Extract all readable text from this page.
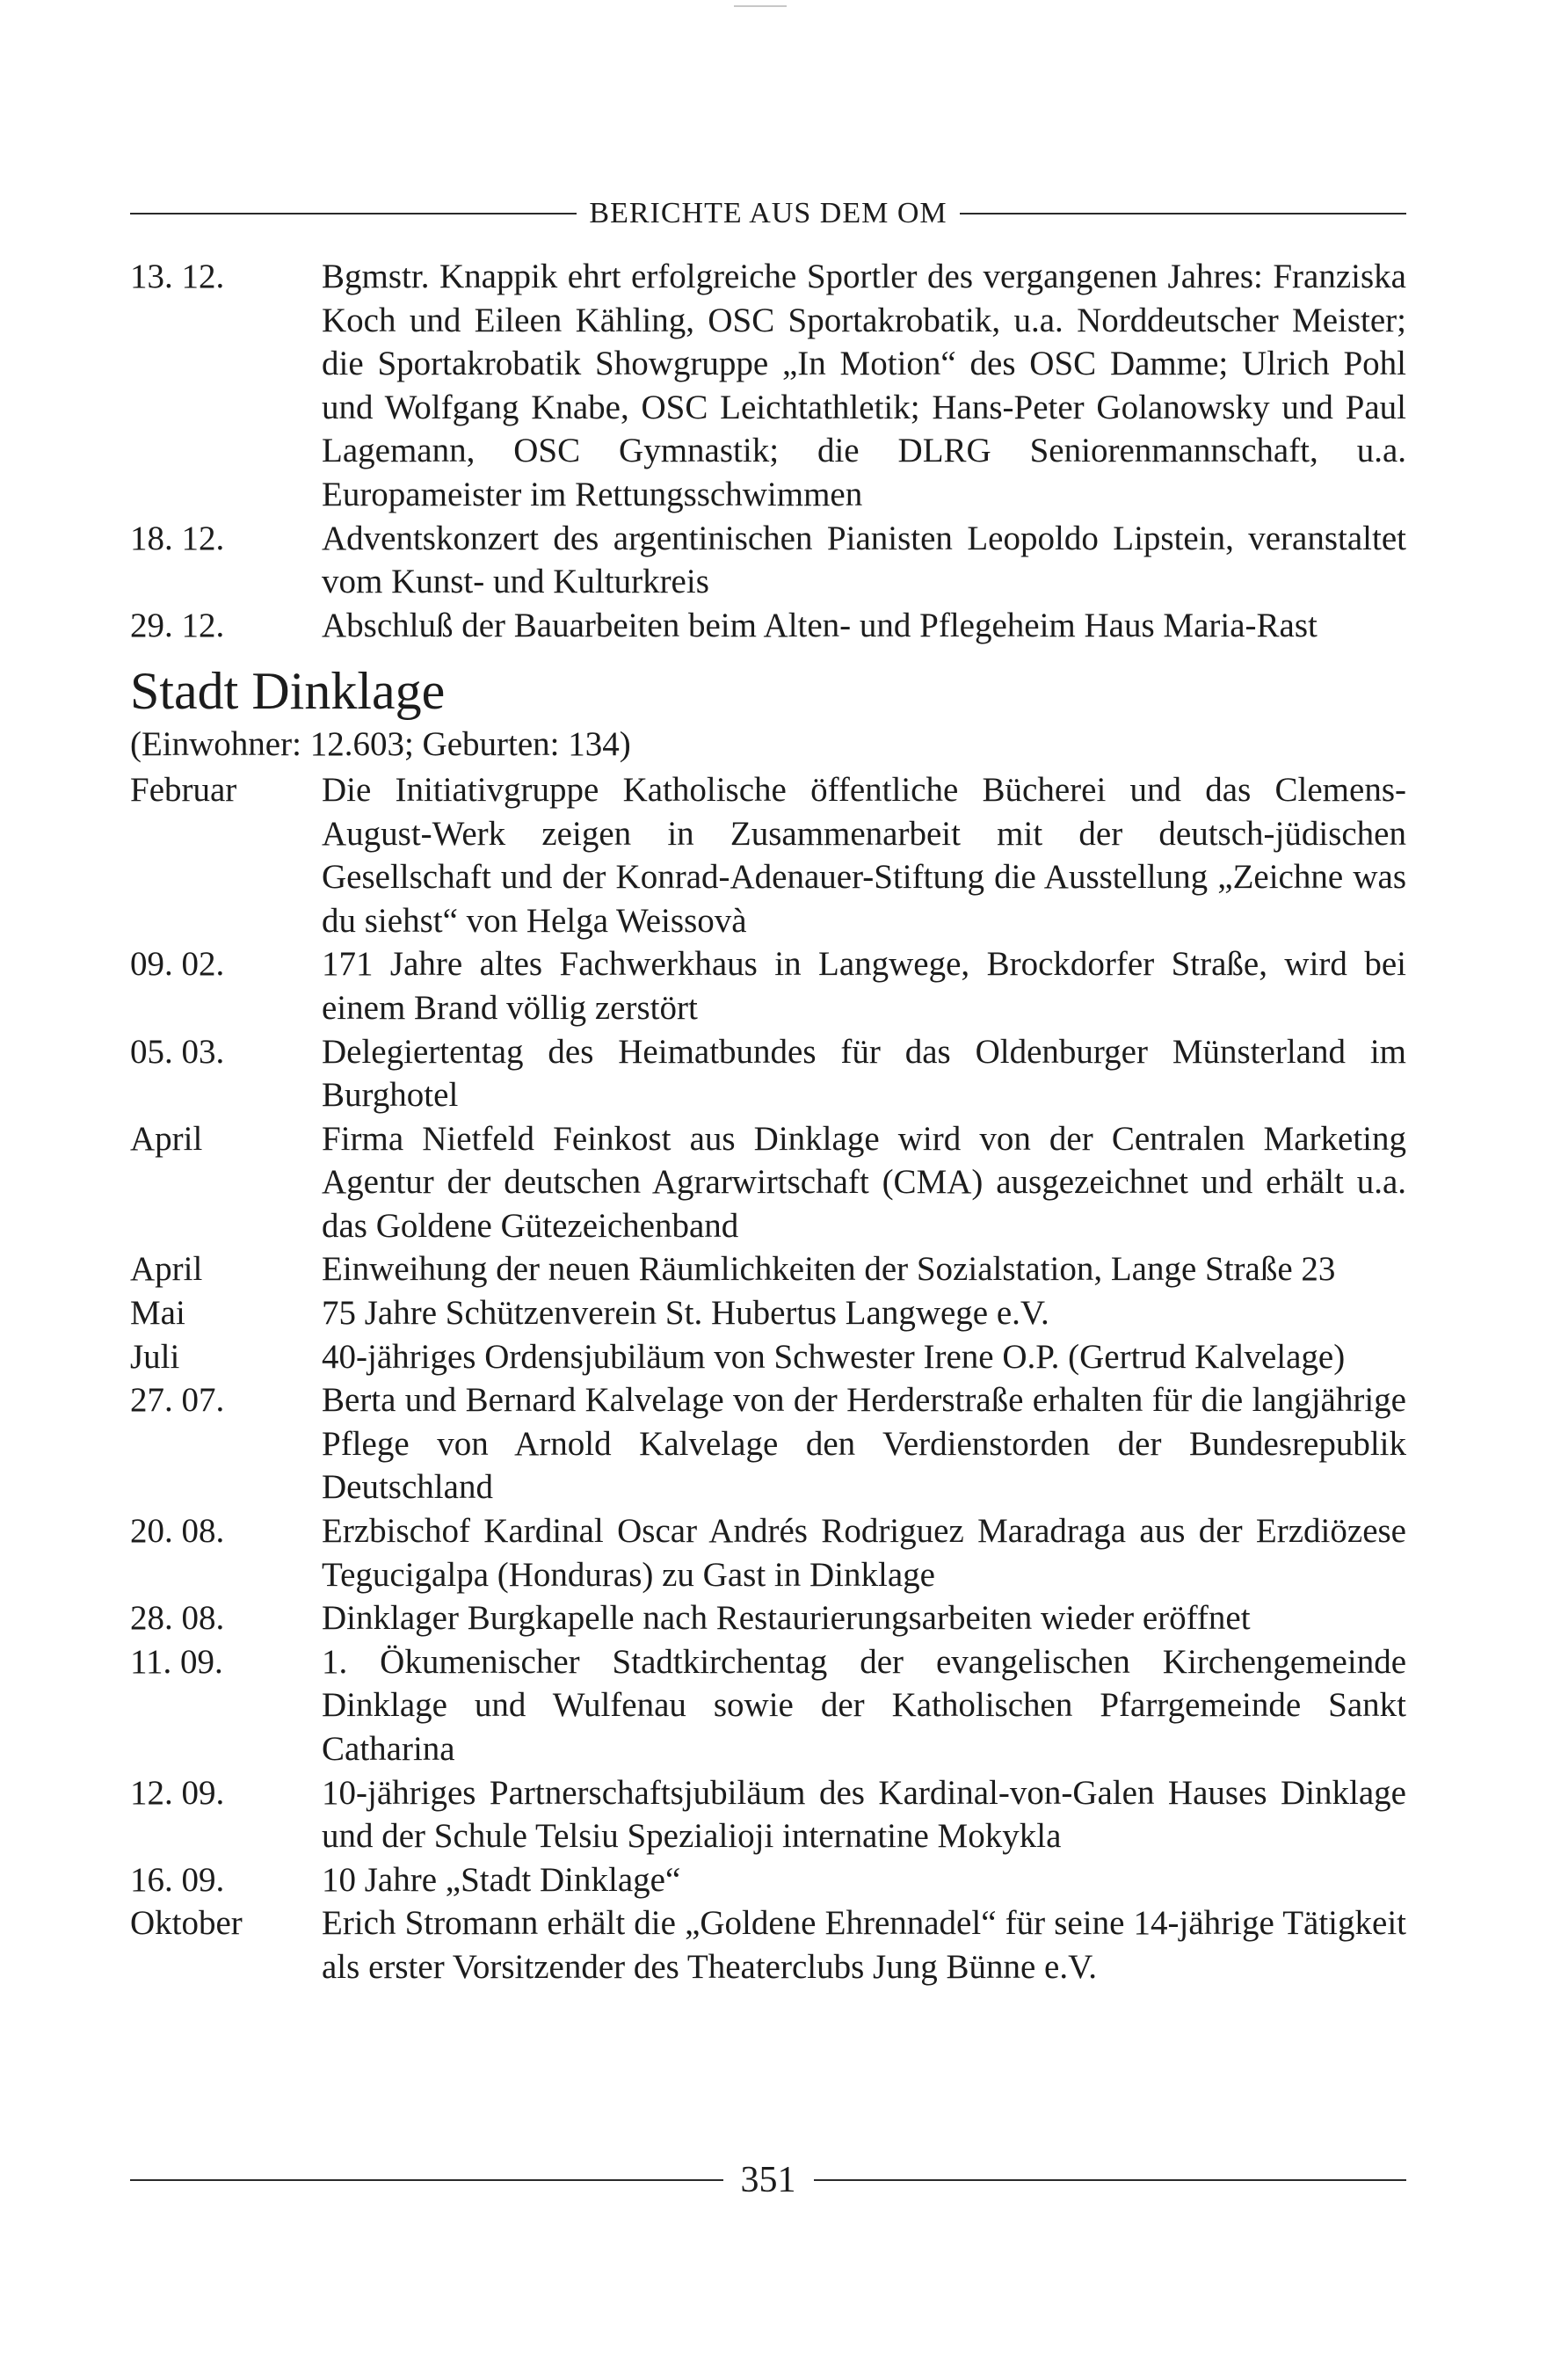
BERICHTE AUS DEM OM
13. 12.	Bgmstr. Knappik ehrt erfolgreiche Sportler des vergangenen Jahres: Franziska Koch und Eileen Kähling, OSC Sportakrobatik, u.a. Norddeutscher Meister; die Sportakrobatik Showgruppe „In Motion“ des OSC Damme; Ulrich Pohl und Wolfgang Knabe, OSC Leichtathletik; Hans-Peter Golanowsky und Paul Lagemann, OSC Gymnastik; die DLRG Seniorenmannschaft, u.a. Europameister im Rettungsschwimmen
18. 12.	Adventskonzert des argentinischen Pianisten Leopoldo Lipstein, veranstaltet vom Kunst- und Kulturkreis
29. 12.	Abschluß der Bauarbeiten beim Alten- und Pflegeheim Haus Maria-Rast
Stadt Dinklage
(Einwohner: 12.603; Geburten: 134)
Februar	Die Initiativgruppe Katholische öffentliche Bücherei und das Clemens-August-Werk zeigen in Zusammenarbeit mit der deutsch-jüdischen Gesellschaft und der Konrad-Adenauer-Stiftung die Ausstellung „Zeichne was du siehst“ von Helga Weissovà
09. 02.	171 Jahre altes Fachwerkhaus in Langwege, Brockdorfer Straße, wird bei einem Brand völlig zerstört
05. 03.	Delegiertentag des Heimatbundes für das Oldenburger Münsterland im Burghotel
April	Firma Nietfeld Feinkost aus Dinklage wird von der Centralen Marketing Agentur der deutschen Agrarwirtschaft (CMA) ausgezeichnet und erhält u.a. das Goldene Gütezeichenband
April	Einweihung der neuen Räumlichkeiten der Sozialstation, Lange Straße 23
Mai	75 Jahre Schützenverein St. Hubertus Langwege e.V.
Juli	40-jähriges Ordensjubiläum von Schwester Irene O.P. (Gertrud Kalvelage)
27. 07.	Berta und Bernard Kalvelage von der Herderstraße erhalten für die langjährige Pflege von Arnold Kalvelage den Verdienstorden der Bundesrepublik Deutschland
20. 08.	Erzbischof Kardinal Oscar Andrés Rodriguez Maradraga aus der Erzdiözese Tegucigalpa (Honduras) zu Gast in Dinklage
28. 08.	Dinklager Burgkapelle nach Restaurierungsarbeiten wieder eröffnet
11. 09.	1. Ökumenischer Stadtkirchentag der evangelischen Kirchengemeinde Dinklage und Wulfenau sowie der Katholischen Pfarrgemeinde Sankt Catharina
12. 09.	10-jähriges Partnerschaftsjubiläum des Kardinal-von-Galen Hauses Dinklage und der Schule Telsiu Spezialioji internatine Mokykla
16. 09.	10 Jahre „Stadt Dinklage“
Oktober	Erich Stromann erhält die „Goldene Ehrennadel“ für seine 14-jährige Tätigkeit als erster Vorsitzender des Theaterclubs Jung Bünne e.V.
351
